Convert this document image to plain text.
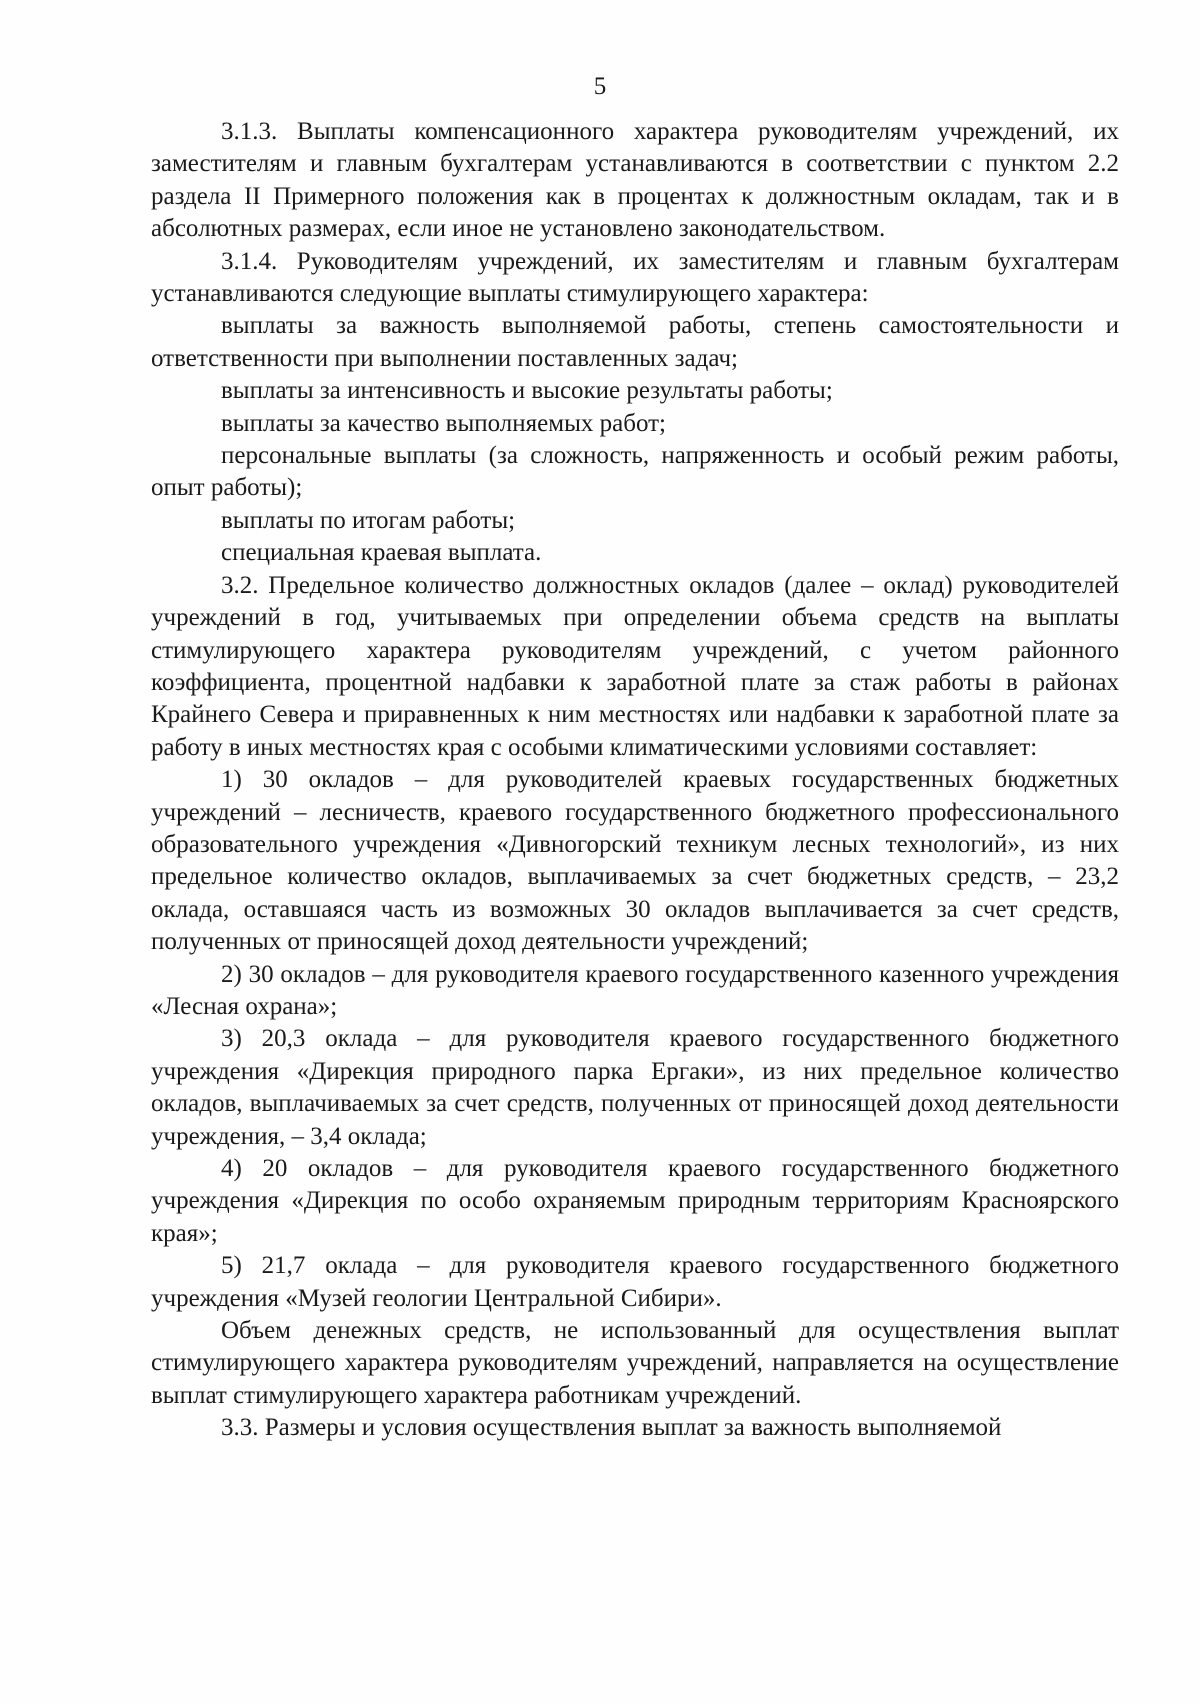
5

3.1.3. Выплаты компенсационного характера руководителям учреждений, их заместителям и главным бухгалтерам устанавливаются в соответствии с пунктом 2.2 раздела II Примерного положения как в процентах к должностным окладам, так и в абсолютных размерах, если иное не установлено законодательством.

3.1.4. Руководителям учреждений, их заместителям и главным бухгалтерам устанавливаются следующие выплаты стимулирующего характера:

выплаты за важность выполняемой работы, степень самостоятельности и ответственности при выполнении поставленных задач;

выплаты за интенсивность и высокие результаты работы;

выплаты за качество выполняемых работ;

персональные выплаты (за сложность, напряженность и особый режим работы, опыт работы);

выплаты по итогам работы;

специальная краевая выплата.

3.2. Предельное количество должностных окладов (далее – оклад) руководителей учреждений в год, учитываемых при определении объема средств на выплаты стимулирующего характера руководителям учреждений, с учетом районного коэффициента, процентной надбавки к заработной плате за стаж работы в районах Крайнего Севера и приравненных к ним местностях или надбавки к заработной плате за работу в иных местностях края с особыми климатическими условиями составляет:

1) 30 окладов – для руководителей краевых государственных бюджетных учреждений – лесничеств, краевого государственного бюджетного профессионального образовательного учреждения «Дивногорский техникум лесных технологий», из них предельное количество окладов, выплачиваемых за счет бюджетных средств, – 23,2 оклада, оставшаяся часть из возможных 30 окладов выплачивается за счет средств, полученных от приносящей доход деятельности учреждений;

2) 30 окладов – для руководителя краевого государственного казенного учреждения «Лесная охрана»;

3) 20,3 оклада – для руководителя краевого государственного бюджетного учреждения «Дирекция природного парка Ергаки», из них предельное количество окладов, выплачиваемых за счет средств, полученных от приносящей доход деятельности учреждения, – 3,4 оклада;

4) 20 окладов – для руководителя краевого государственного бюджетного учреждения «Дирекция по особо охраняемым природным территориям Красноярского края»;

5) 21,7 оклада – для руководителя краевого государственного бюджетного учреждения «Музей геологии Центральной Сибири».

Объем денежных средств, не использованный для осуществления выплат стимулирующего характера руководителям учреждений, направляется на осуществление выплат стимулирующего характера работникам учреждений.

3.3. Размеры и условия осуществления выплат за важность выполняемой
